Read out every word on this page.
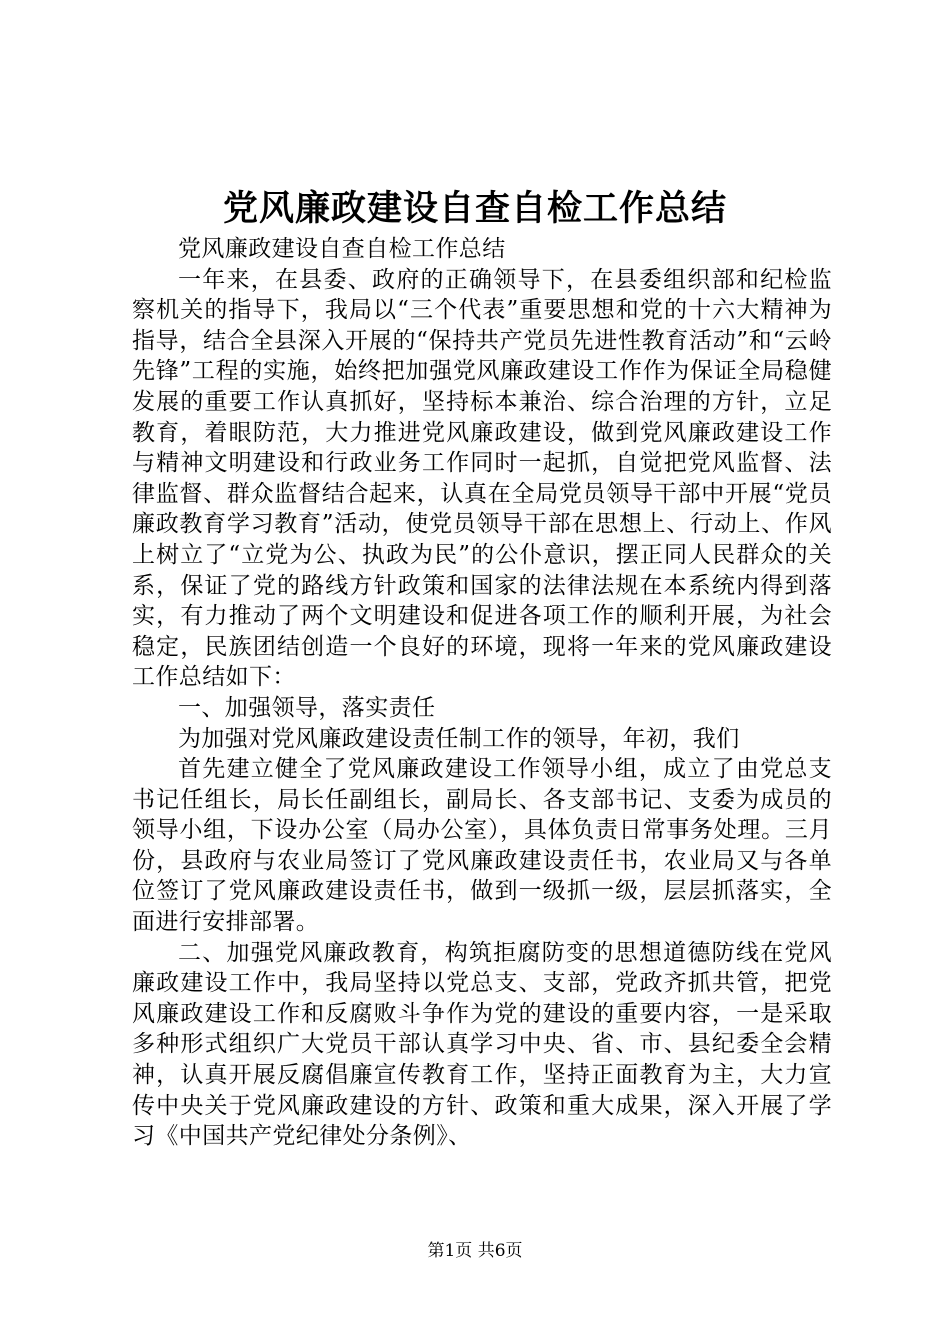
党风廉政建设自查自检工作总结

党风廉政建设自查自检工作总结

一年来，在县委、政府的正确领导下，在县委组织部和纪检监察机关的指导下，我局以“三个代表”重要思想和党的十六大精神为指导，结合全县深入开展的“保持共产党员先进性教育活动”和“云岭先锋”工程的实施，始终把加强党风廉政建设工作作为保证全局稳健发展的重要工作认真抓好，坚持标本兼治、综合治理的方针，立足教育，着眼防范，大力推进党风廉政建设，做到党风廉政建设工作与精神文明建设和行政业务工作同时一起抓，自觉把党风监督、法律监督、群众监督结合起来，认真在全局党员领导干部中开展“党员廉政教育学习教育”活动，使党员领导干部在思想上、行动上、作风上树立了“立党为公、执政为民”的公仆意识，摆正同人民群众的关系，保证了党的路线方针政策和国家的法律法规在本系统内得到落实，有力推动了两个文明建设和促进各项工作的顺利开展，为社会稳定，民族团结创造一个良好的环境，现将一年来的党风廉政建设工作总结如下：

一、加强领导，落实责任

为加强对党风廉政建设责任制工作的领导，年初，我们

首先建立健全了党风廉政建设工作领导小组，成立了由党总支书记任组长，局长任副组长，副局长、各支部书记、支委为成员的领导小组，下设办公室（局办公室），具体负责日常事务处理。三月份，县政府与农业局签订了党风廉政建设责任书，农业局又与各单位签订了党风廉政建设责任书，做到一级抓一级，层层抓落实，全面进行安排部署。

二、加强党风廉政教育，构筑拒腐防变的思想道德防线在党风廉政建设工作中，我局坚持以党总支、支部，党政齐抓共管，把党风廉政建设工作和反腐败斗争作为党的建设的重要内容，一是采取多种形式组织广大党员干部认真学习中央、省、市、县纪委全会精神，认真开展反腐倡廉宣传教育工作，坚持正面教育为主，大力宣传中央关于党风廉政建设的方针、政策和重大成果，深入开展了学习《中国共产党纪律处分条例》、

第1页 共6页
